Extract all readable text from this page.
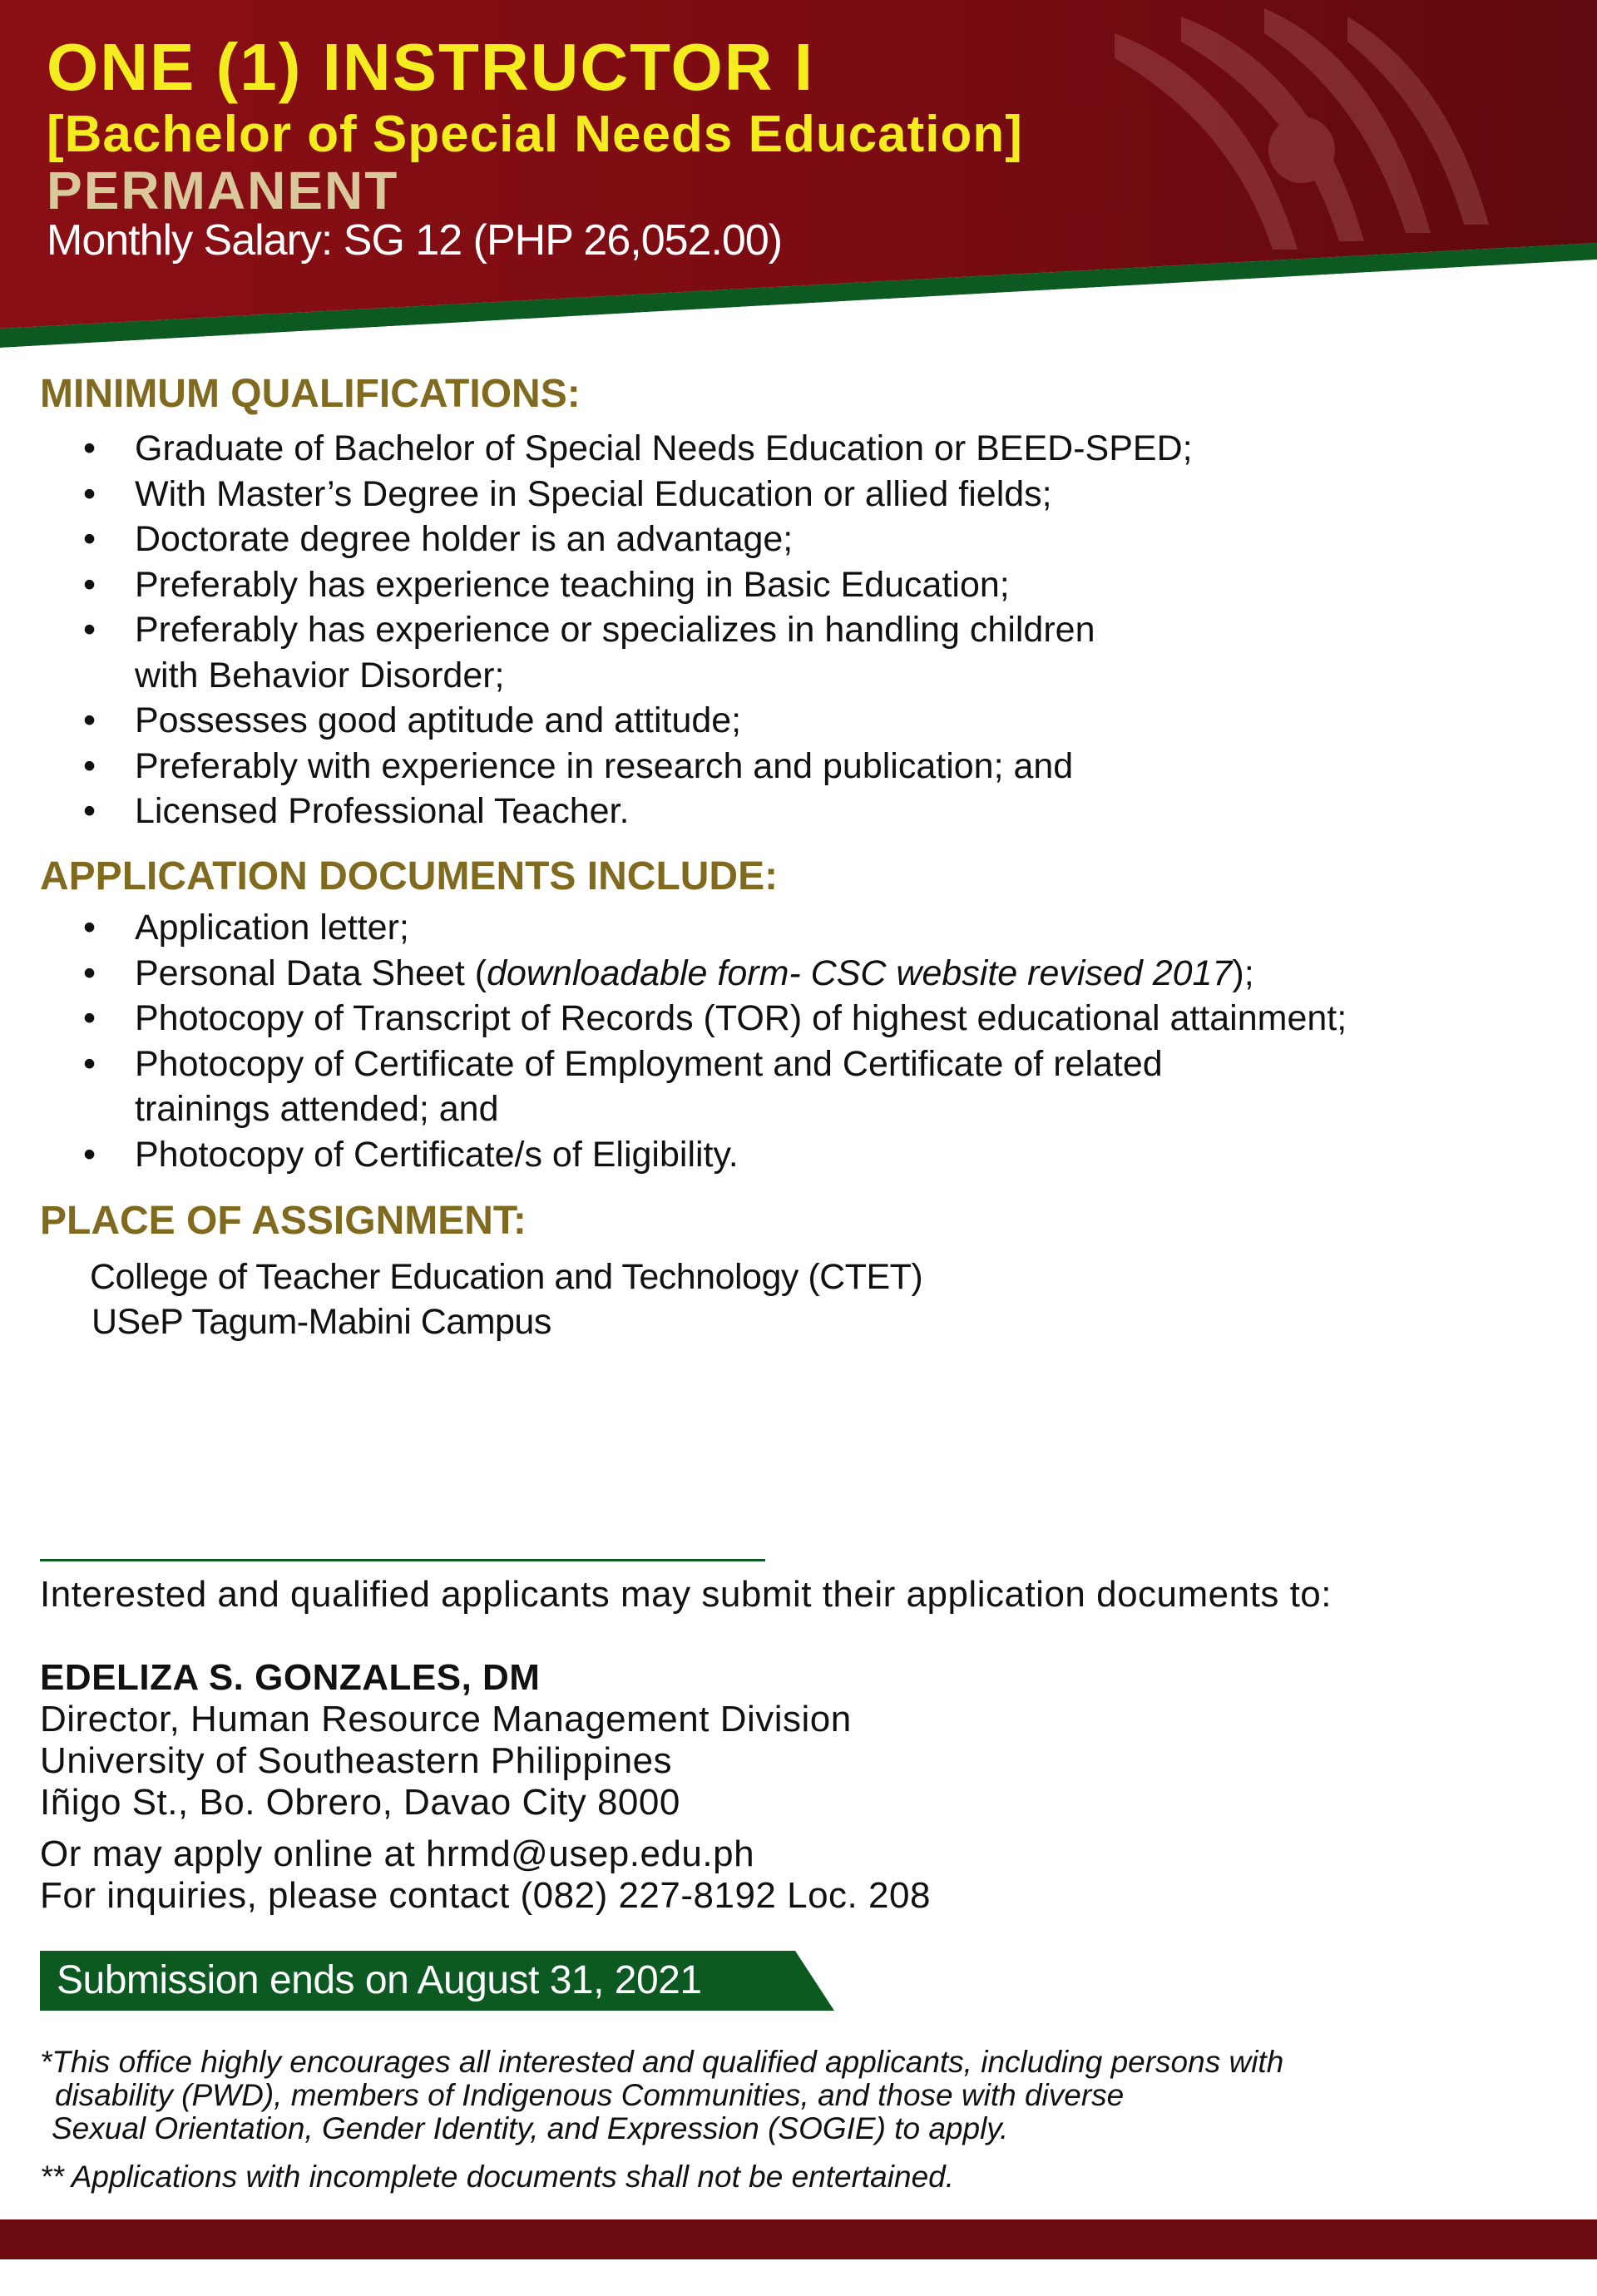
ONE (1) INSTRUCTOR I
[Bachelor of Special Needs Education]
PERMANENT
Monthly Salary: SG 12 (PHP 26,052.00)
MINIMUM QUALIFICATIONS:
• Graduate of Bachelor of Special Needs Education or BEED-SPED;
• With Master’s Degree in Special Education or allied fields;
• Doctorate degree holder is an advantage;
• Preferably has experience teaching in Basic Education;
• Preferably has experience or specializes in handling children
with Behavior Disorder;
• Possesses good aptitude and attitude;
• Preferably with experience in research and publication; and
• Licensed Professional Teacher.
APPLICATION DOCUMENTS INCLUDE:
• Application letter;
• Personal Data Sheet (downloadable form- CSC website revised 2017);
• Photocopy of Transcript of Records (TOR) of highest educational attainment;
• Photocopy of Certificate of Employment and Certificate of related
trainings attended; and
• Photocopy of Certificate/s of Eligibility.
PLACE OF ASSIGNMENT:
College of Teacher Education and Technology (CTET)
USeP Tagum-Mabini Campus
Interested and qualified applicants may submit their application documents to:
EDELIZA S. GONZALES, DM
Director, Human Resource Management Division
University of Southeastern Philippines
Iñigo St., Bo. Obrero, Davao City 8000
Or may apply online at hrmd@usep.edu.ph
For inquiries, please contact (082) 227-8192 Loc. 208
Submission ends on August 31, 2021
*This office highly encourages all interested and qualified applicants, including persons with
disability (PWD), members of Indigenous Communities, and those with diverse
Sexual Orientation, Gender Identity, and Expression (SOGIE) to apply.
** Applications with incomplete documents shall not be entertained.
